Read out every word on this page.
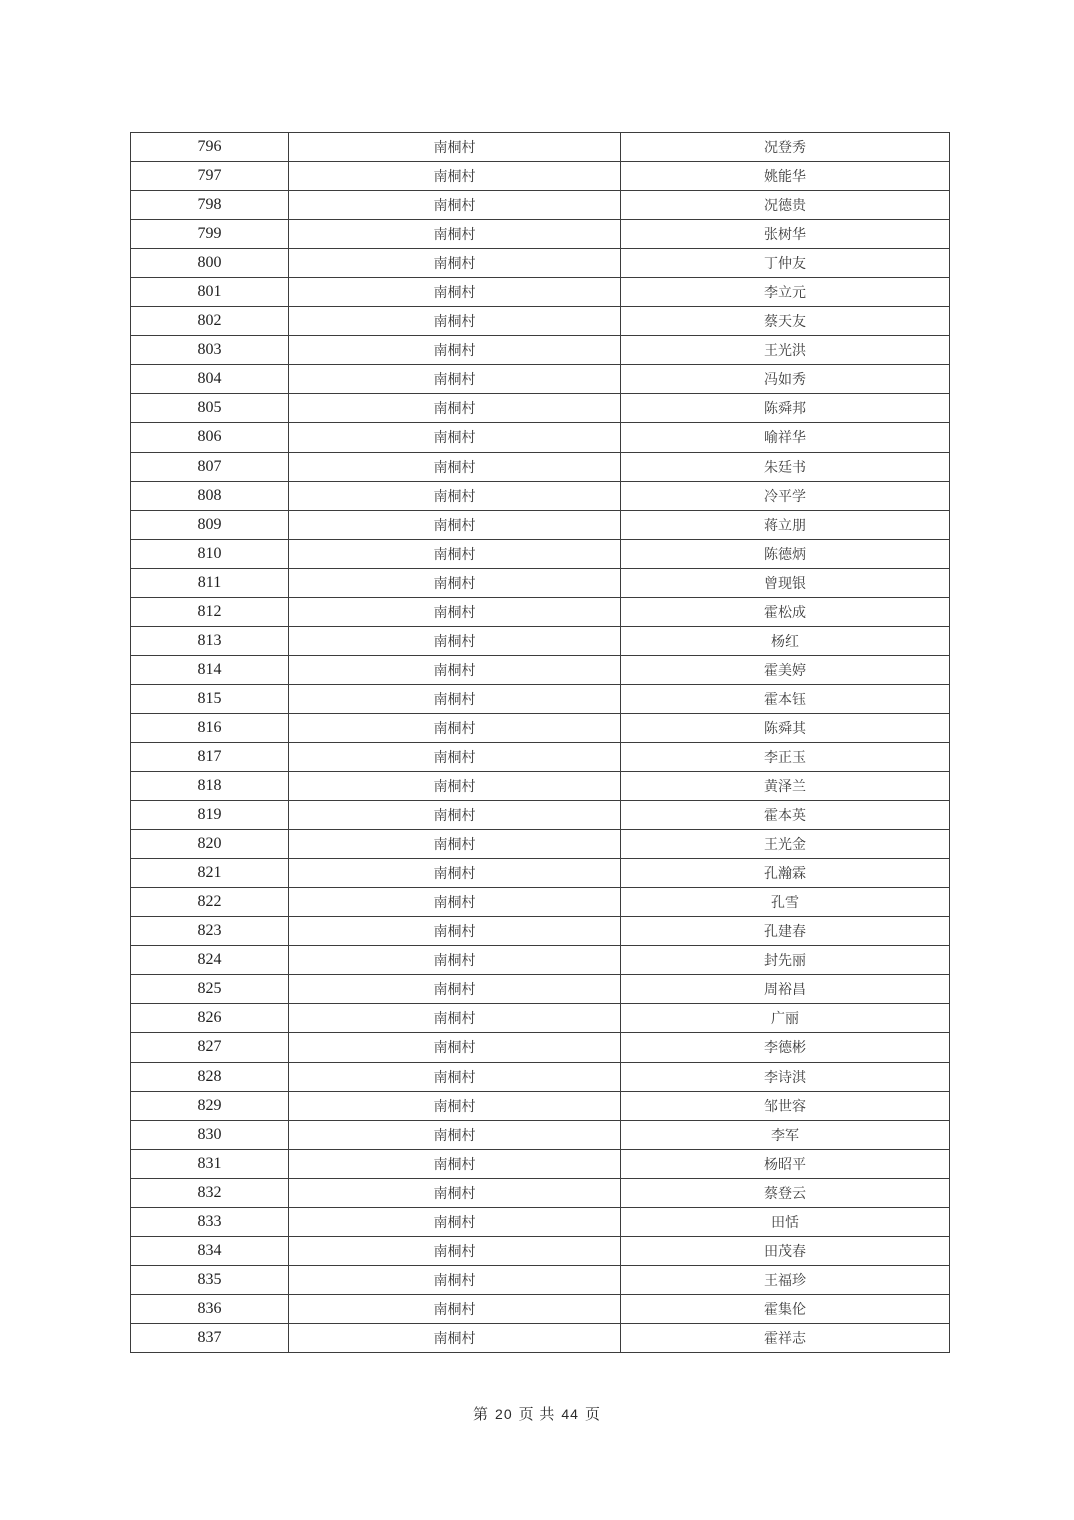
796	南桐村	况登秀
797	南桐村	姚能华
798	南桐村	况德贵
799	南桐村	张树华
800	南桐村	丁仲友
801	南桐村	李立元
802	南桐村	蔡天友
803	南桐村	王光洪
804	南桐村	冯如秀
805	南桐村	陈舜邦
806	南桐村	喻祥华
807	南桐村	朱廷书
808	南桐村	冷平学
809	南桐村	蒋立朋
810	南桐村	陈德炳
811	南桐村	曾现银
812	南桐村	霍松成
813	南桐村	杨红
814	南桐村	霍美婷
815	南桐村	霍本钰
816	南桐村	陈舜其
817	南桐村	李正玉
818	南桐村	黄泽兰
819	南桐村	霍本英
820	南桐村	王光金
821	南桐村	孔瀚霖
822	南桐村	孔雪
823	南桐村	孔建春
824	南桐村	封先丽
825	南桐村	周裕昌
826	南桐村	广丽
827	南桐村	李德彬
828	南桐村	李诗淇
829	南桐村	邹世容
830	南桐村	李军
831	南桐村	杨昭平
832	南桐村	蔡登云
833	南桐村	田恬
834	南桐村	田茂春
835	南桐村	王福珍
836	南桐村	霍集伦
837	南桐村	霍祥志
第 20 页 共 44 页
